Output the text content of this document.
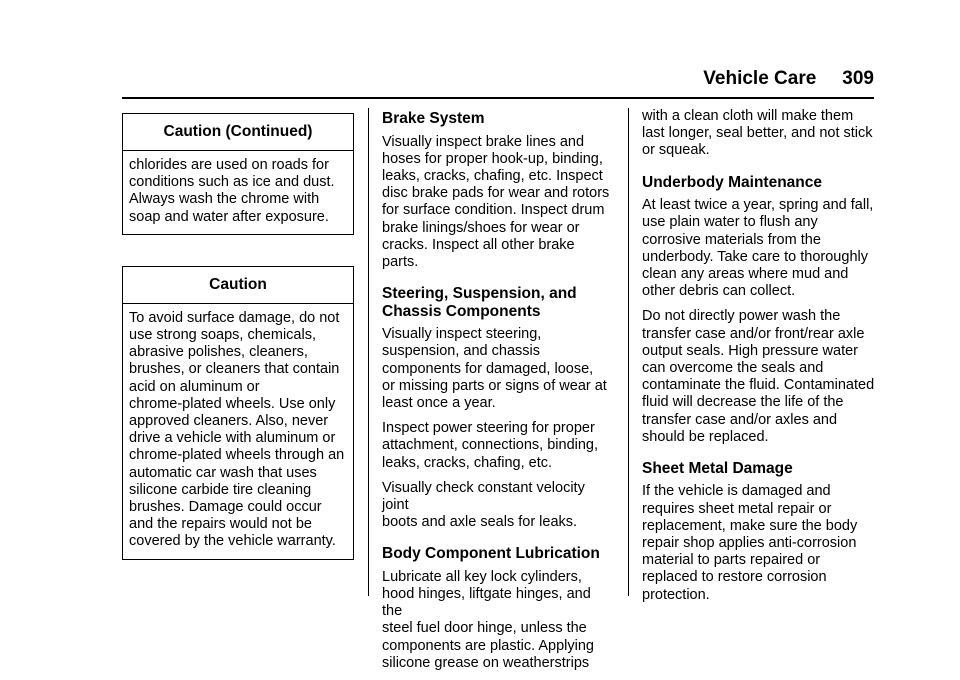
Vehicle Care 309
Caution (Continued)
chlorides are used on roads for
conditions such as ice and dust.
Always wash the chrome with
soap and water after exposure.
Caution
To avoid surface damage, do not
use strong soaps, chemicals,
abrasive polishes, cleaners,
brushes, or cleaners that contain
acid on aluminum or
chrome-plated wheels. Use only
approved cleaners. Also, never
drive a vehicle with aluminum or
chrome-plated wheels through an
automatic car wash that uses
silicone carbide tire cleaning
brushes. Damage could occur
and the repairs would not be
covered by the vehicle warranty.
Brake System

Visually inspect brake lines and
hoses for proper hook-up, binding,
leaks, cracks, chafing, etc. Inspect
disc brake pads for wear and rotors
for surface condition. Inspect drum
brake linings/shoes for wear or
cracks. Inspect all other brake parts.

Steering, Suspension, and
Chassis Components

Visually inspect steering,
suspension, and chassis
components for damaged, loose,
or missing parts or signs of wear at
least once a year.

Inspect power steering for proper
attachment, connections, binding,
leaks, cracks, chafing, etc.

Visually check constant velocity joint
boots and axle seals for leaks.

Body Component Lubrication

Lubricate all key lock cylinders,
hood hinges, liftgate hinges, and the
steel fuel door hinge, unless the
components are plastic. Applying
silicone grease on weatherstrips

with a clean cloth will make them
last longer, seal better, and not stick
or squeak.

Underbody Maintenance

At least twice a year, spring and fall,
use plain water to flush any
corrosive materials from the
underbody. Take care to thoroughly
clean any areas where mud and
other debris can collect.

Do not directly power wash the
transfer case and/or front/rear axle
output seals. High pressure water
can overcome the seals and
contaminate the fluid. Contaminated
fluid will decrease the life of the
transfer case and/or axles and
should be replaced.

Sheet Metal Damage

If the vehicle is damaged and
requires sheet metal repair or
replacement, make sure the body
repair shop applies anti-corrosion
material to parts repaired or
replaced to restore corrosion
protection.
